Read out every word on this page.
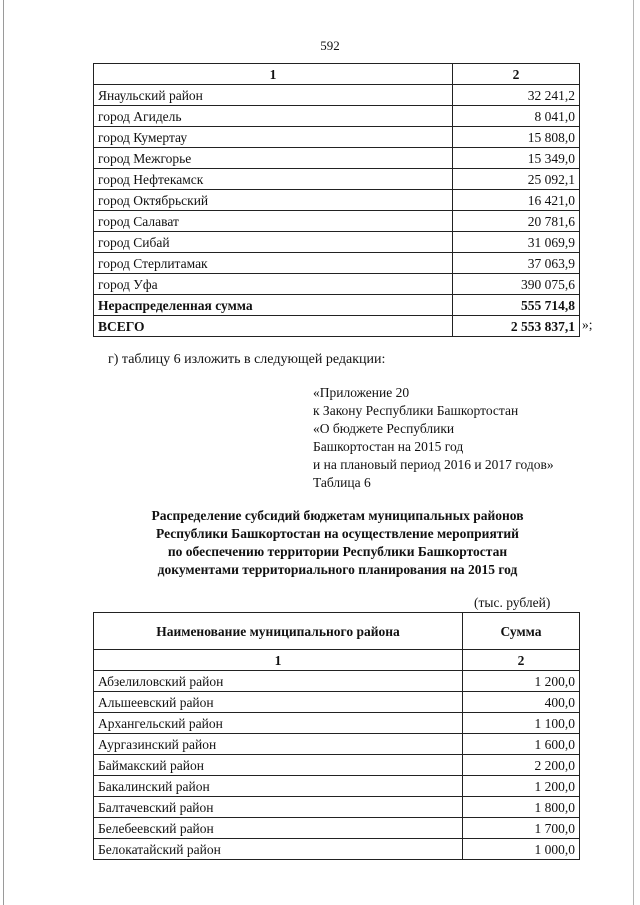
592
1	2
Янаульский район	32 241,2
город Агидель	8 041,0
город Кумертау	15 808,0
город Межгорье	15 349,0
город Нефтекамск	25 092,1
город Октябрьский	16 421,0
город Салават	20 781,6
город Сибай	31 069,9
город Стерлитамак	37 063,9
город Уфа	390 075,6
Нераспределенная сумма	555 714,8
ВСЕГО	2 553 837,1 »;
г) таблицу 6 изложить в следующей редакции:
«Приложение 20
к Закону Республики Башкортостан
«О бюджете Республики
Башкортостан на 2015 год
и на плановый период 2016 и 2017 годов»
Таблица 6
Распределение субсидий бюджетам муниципальных районов
Республики Башкортостан на осуществление мероприятий
по обеспечению территории Республики Башкортостан
документами территориального планирования на 2015 год
(тыс. рублей)
Наименование муниципального района	Сумма
1	2
Абзелиловский район	1 200,0
Альшеевский район	400,0
Архангельский район	1 100,0
Аургазинский район	1 600,0
Баймакский район	2 200,0
Бакалинский район	1 200,0
Балтачевский район	1 800,0
Белебеевский район	1 700,0
Белокатайский район	1 000,0
